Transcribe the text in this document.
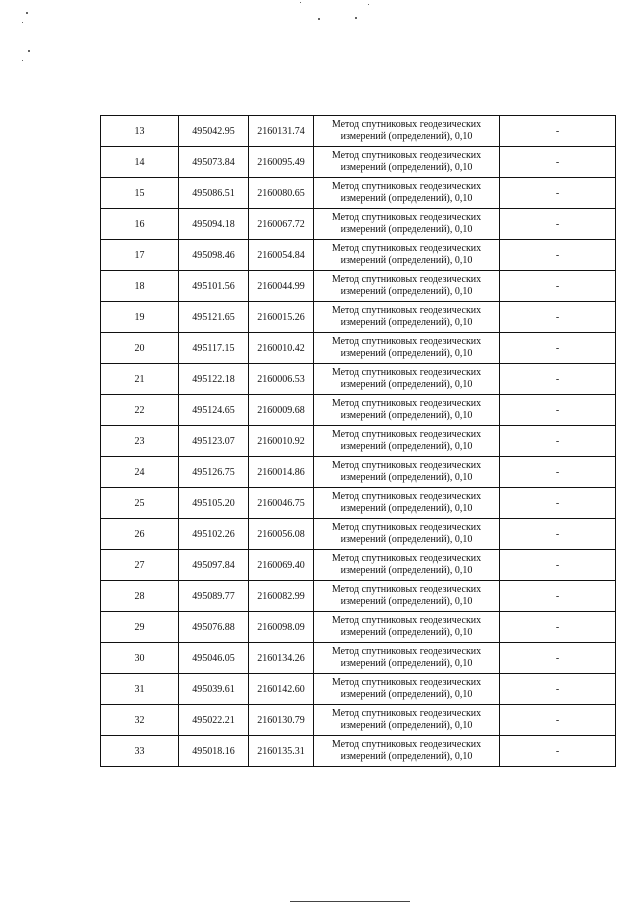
13	495042.95	2160131.74	Метод спутниковых геодезических
измерений (определений), 0,10	-
14	495073.84	2160095.49	Метод спутниковых геодезических
измерений (определений), 0,10	-
15	495086.51	2160080.65	Метод спутниковых геодезических
измерений (определений), 0,10	-
16	495094.18	2160067.72	Метод спутниковых геодезических
измерений (определений), 0,10	-
17	495098.46	2160054.84	Метод спутниковых геодезических
измерений (определений), 0,10	-
18	495101.56	2160044.99	Метод спутниковых геодезических
измерений (определений), 0,10	-
19	495121.65	2160015.26	Метод спутниковых геодезических
измерений (определений), 0,10	-
20	495117.15	2160010.42	Метод спутниковых геодезических
измерений (определений), 0,10	-
21	495122.18	2160006.53	Метод спутниковых геодезических
измерений (определений), 0,10	-
22	495124.65	2160009.68	Метод спутниковых геодезических
измерений (определений), 0,10	-
23	495123.07	2160010.92	Метод спутниковых геодезических
измерений (определений), 0,10	-
24	495126.75	2160014.86	Метод спутниковых геодезических
измерений (определений), 0,10	-
25	495105.20	2160046.75	Метод спутниковых геодезических
измерений (определений), 0,10	-
26	495102.26	2160056.08	Метод спутниковых геодезических
измерений (определений), 0,10	-
27	495097.84	2160069.40	Метод спутниковых геодезических
измерений (определений), 0,10	-
28	495089.77	2160082.99	Метод спутниковых геодезических
измерений (определений), 0,10	-
29	495076.88	2160098.09	Метод спутниковых геодезических
измерений (определений), 0,10	-
30	495046.05	2160134.26	Метод спутниковых геодезических
измерений (определений), 0,10	-
31	495039.61	2160142.60	Метод спутниковых геодезических
измерений (определений), 0,10	-
32	495022.21	2160130.79	Метод спутниковых геодезических
измерений (определений), 0,10	-
33	495018.16	2160135.31	Метод спутниковых геодезических
измерений (определений), 0,10	-
